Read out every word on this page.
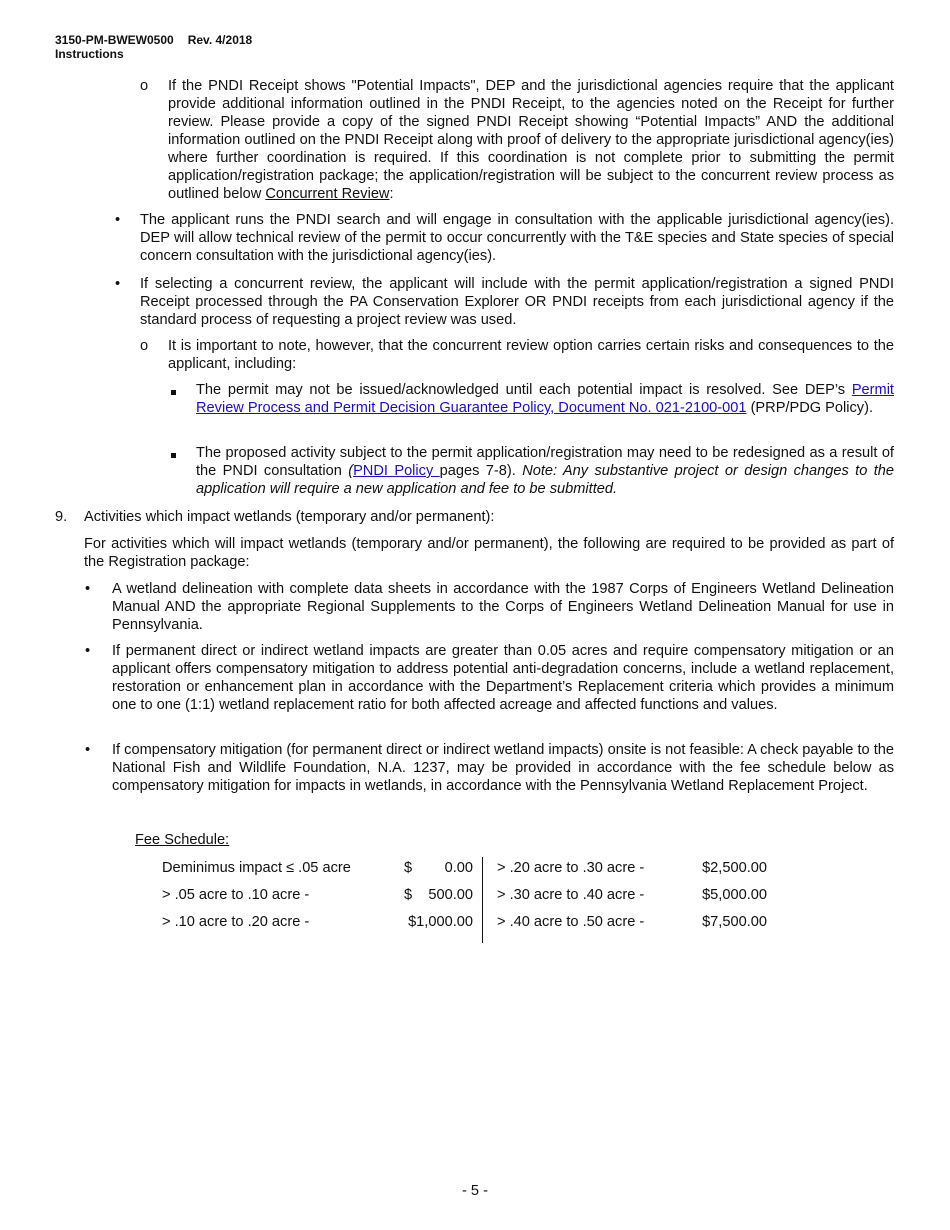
3150-PM-BWEW0500 Rev. 4/2018
Instructions
o If the PNDI Receipt shows "Potential Impacts", DEP and the jurisdictional agencies require that the applicant provide additional information outlined in the PNDI Receipt, to the agencies noted on the Receipt for further review. Please provide a copy of the signed PNDI Receipt showing “Potential Impacts” AND the additional information outlined on the PNDI Receipt along with proof of delivery to the appropriate jurisdictional agency(ies) where further coordination is required. If this coordination is not complete prior to submitting the permit application/registration package; the application/registration will be subject to the concurrent review process as outlined below Concurrent Review:
• The applicant runs the PNDI search and will engage in consultation with the applicable jurisdictional agency(ies). DEP will allow technical review of the permit to occur concurrently with the T&E species and State species of special concern consultation with the jurisdictional agency(ies).
• If selecting a concurrent review, the applicant will include with the permit application/registration a signed PNDI Receipt processed through the PA Conservation Explorer OR PNDI receipts from each jurisdictional agency if the standard process of requesting a project review was used.
o It is important to note, however, that the concurrent review option carries certain risks and consequences to the applicant, including:
The permit may not be issued/acknowledged until each potential impact is resolved. See DEP’s Permit Review Process and Permit Decision Guarantee Policy, Document No. 021-2100-001 (PRP/PDG Policy).
The proposed activity subject to the permit application/registration may need to be redesigned as a result of the PNDI consultation (PNDI Policy pages 7-8). Note: Any substantive project or design changes to the application will require a new application and fee to be submitted.
9. Activities which impact wetlands (temporary and/or permanent):
For activities which will impact wetlands (temporary and/or permanent), the following are required to be provided as part of the Registration package:
• A wetland delineation with complete data sheets in accordance with the 1987 Corps of Engineers Wetland Delineation Manual AND the appropriate Regional Supplements to the Corps of Engineers Wetland Delineation Manual for use in Pennsylvania.
• If permanent direct or indirect wetland impacts are greater than 0.05 acres and require compensatory mitigation or an applicant offers compensatory mitigation to address potential anti-degradation concerns, include a wetland replacement, restoration or enhancement plan in accordance with the Department’s Replacement criteria which provides a minimum one to one (1:1) wetland replacement ratio for both affected acreage and affected functions and values.
• If compensatory mitigation (for permanent direct or indirect wetland impacts) onsite is not feasible: A check payable to the National Fish and Wildlife Foundation, N.A. 1237, may be provided in accordance with the fee schedule below as compensatory mitigation for impacts in wetlands, in accordance with the Pennsylvania Wetland Replacement Project.
Fee Schedule:
Deminimus impact ≤ .05 acre	$	0.00
> .05 acre to .10 acre -	$	500.00
> .10 acre to .20 acre -	$1,000.00
> .20 acre to .30 acre -	$2,500.00
> .30 acre to .40 acre -	$5,000.00
> .40 acre to .50 acre -	$7,500.00
- 5 -
